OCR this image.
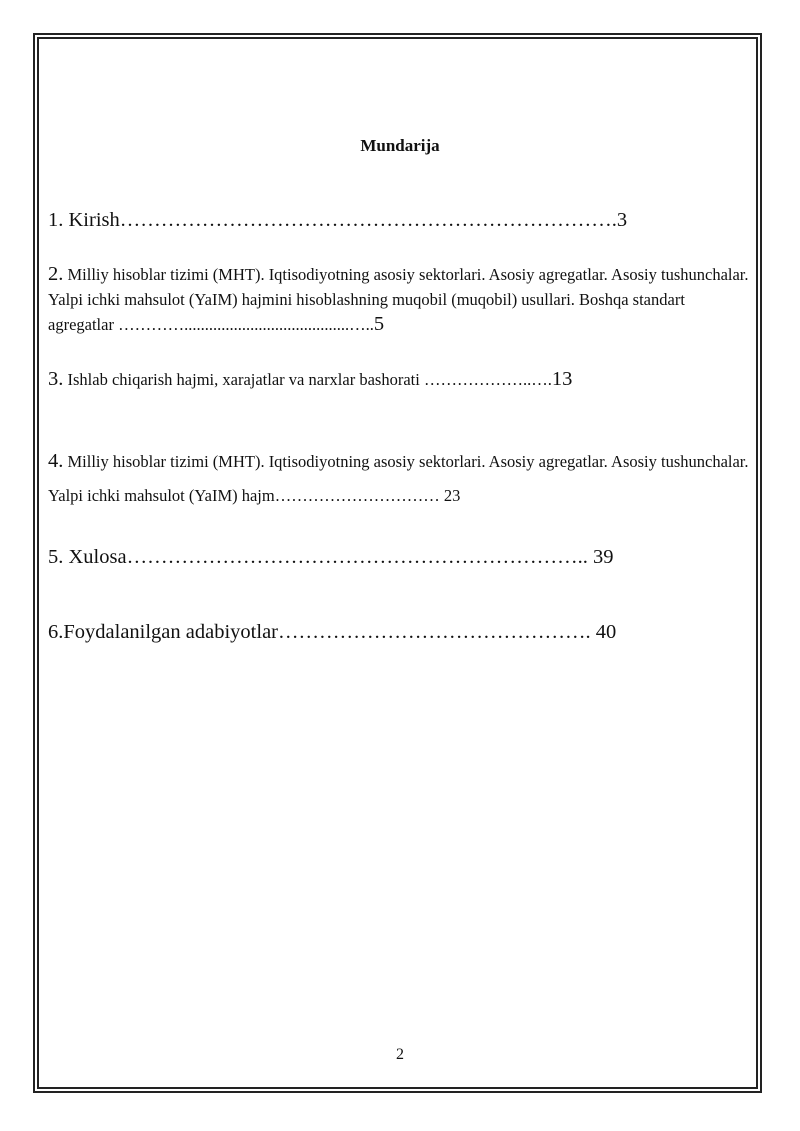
Mundarija
1. Kirish……………………………………………………………….3
2. Milliy hisoblar tizimi (MHT). Iqtisodiyotning asosiy sektorlari. Asosiy agregatlar. Asosiy tushunchalar. Yalpi ichki mahsulot (YaIM) hajmini hisoblashning muqobil (muqobil) usullari. Boshqa standart agregatlar …………........................................…..5
3. Ishlab chiqarish hajmi, xarajatlar va narxlar bashorati ………………..….13
4. Milliy hisoblar tizimi (MHT). Iqtisodiyotning asosiy sektorlari. Asosiy agregatlar. Asosiy tushunchalar. Yalpi ichki mahsulot (YaIM) hajm………………………… 23
5. Xulosa………………………………………………………….. 39
6.Foydalanilgan adabiyotlar………………………………………. 40
2
